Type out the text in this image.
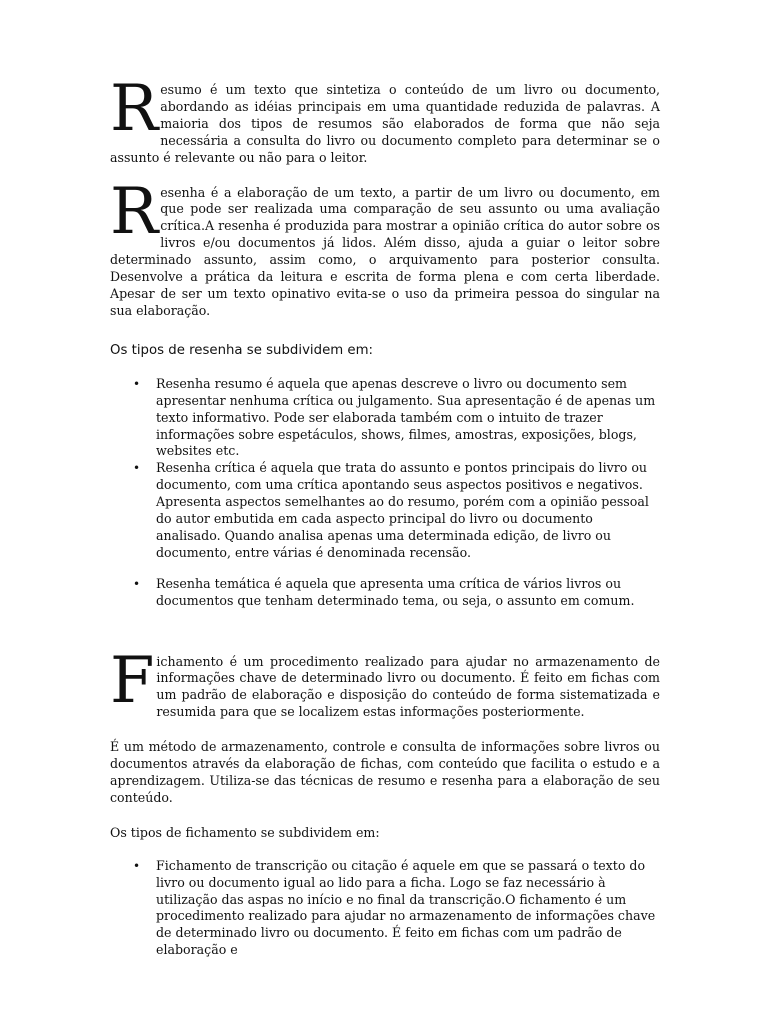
Resumo é um texto que sintetiza o conteúdo de um livro ou documento, abordando as idéias principais em uma quantidade reduzida de palavras. A maioria dos tipos de resumos são elaborados de forma que não seja necessária a consulta do livro ou documento completo para determinar se o assunto é relevante ou não para o leitor.

Resenha é a elaboração de um texto, a partir de um livro ou documento, em que pode ser realizada uma comparação de seu assunto ou uma avaliação crítica.A resenha é produzida para mostrar a opinião crítica do autor sobre os livros e/ou documentos já lidos. Além disso, ajuda a guiar o leitor sobre determinado assunto, assim como, o arquivamento para posterior consulta. Desenvolve a prática da leitura e escrita de forma plena e com certa liberdade. Apesar de ser um texto opinativo evita-se o uso da primeira pessoa do singular na sua elaboração.

Os tipos de resenha se subdividem em:

• Resenha resumo é aquela que apenas descreve o livro ou documento sem apresentar nenhuma crítica ou julgamento. Sua apresentação é de apenas um texto informativo. Pode ser elaborada também com o intuito de trazer informações sobre espetáculos, shows, filmes, amostras, exposições, blogs, websites etc.
• Resenha crítica é aquela que trata do assunto e pontos principais do livro ou documento, com uma crítica apontando seus aspectos positivos e negativos. Apresenta aspectos semelhantes ao do resumo, porém com a opinião pessoal do autor embutida em cada aspecto principal do livro ou documento analisado. Quando analisa apenas uma determinada edição, de livro ou documento, entre várias é denominada recensão.
• Resenha temática é aquela que apresenta uma crítica de vários livros ou documentos que tenham determinado tema, ou seja, o assunto em comum.

Fichamento é um procedimento realizado para ajudar no armazenamento de informações chave de determinado livro ou documento. É feito em fichas com um padrão de elaboração e disposição do conteúdo de forma sistematizada e resumida para que se localizem estas informações posteriormente.

É um método de armazenamento, controle e consulta de informações sobre livros ou documentos através da elaboração de fichas, com conteúdo que facilita o estudo e a aprendizagem. Utiliza-se das técnicas de resumo e resenha para a elaboração de seu conteúdo.

Os tipos de fichamento se subdividem em:

• Fichamento de transcrição ou citação é aquele em que se passará o texto do livro ou documento igual ao lido para a ficha. Logo se faz necessário à utilização das aspas no início e no final da transcrição.O fichamento é um procedimento realizado para ajudar no armazenamento de informações chave de determinado livro ou documento. É feito em fichas com um padrão de elaboração e
